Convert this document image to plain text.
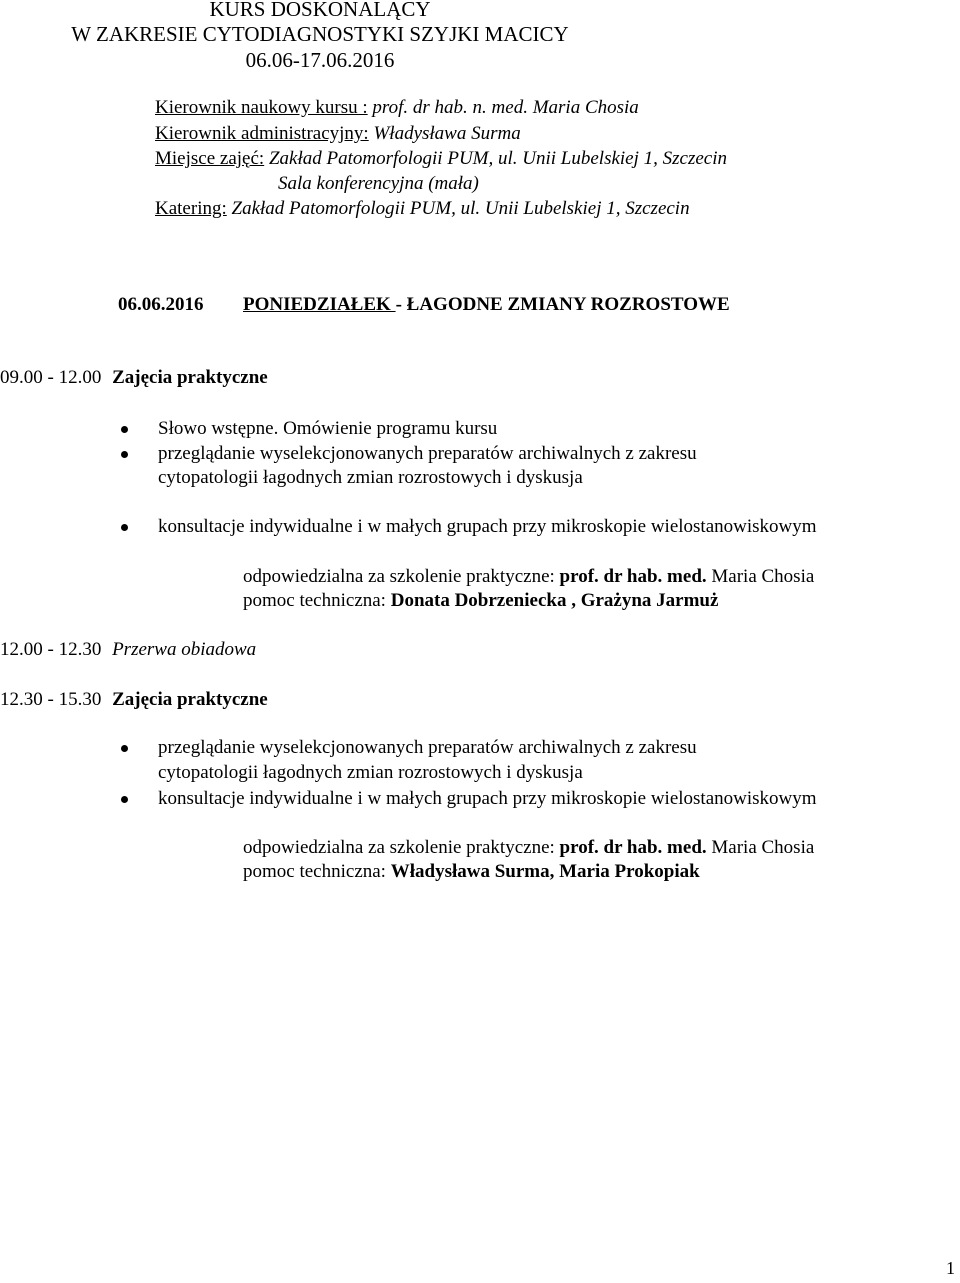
KURS DOSKONALĄCY
W ZAKRESIE CYTODIAGNOSTYKI SZYJKI MACICY
06.06-17.06.2016
Kierownik naukowy kursu : prof. dr hab. n. med. Maria Chosia
Kierownik administracyjny: Władysława Surma
Miejsce zajęć: Zakład Patomorfologii PUM, ul. Unii Lubelskiej 1, Szczecin
Sala konferencyjna (mała)
Katering: Zakład Patomorfologii PUM, ul. Unii Lubelskiej 1, Szczecin
06.06.2016 PONIEDZIAŁEK - ŁAGODNE ZMIANY ROZROSTOWE
09.00 - 12.00 Zajęcia praktyczne
Słowo wstępne. Omówienie programu kursu
przeglądanie wyselekcjonowanych preparatów archiwalnych z zakresu
cytopatologii łagodnych zmian rozrostowych i dyskusja
konsultacje indywidualne i w małych grupach przy mikroskopie wielostanowiskowym
odpowiedzialna za szkolenie praktyczne: prof. dr hab. med. Maria Chosia
pomoc techniczna: Donata Dobrzeniecka , Grażyna Jarmuż
12.00 - 12.30 Przerwa obiadowa
12.30 - 15.30 Zajęcia praktyczne
przeglądanie wyselekcjonowanych preparatów archiwalnych z zakresu
cytopatologii łagodnych zmian rozrostowych i dyskusja
konsultacje indywidualne i w małych grupach przy mikroskopie wielostanowiskowym
odpowiedzialna za szkolenie praktyczne: prof. dr hab. med. Maria Chosia
pomoc techniczna: Władysława Surma, Maria Prokopiak
1
